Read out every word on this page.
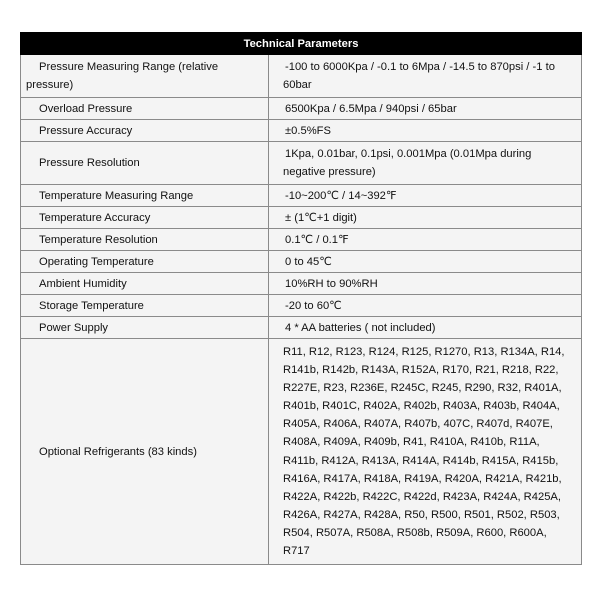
Technical Parameters	
Pressure Measuring Range (relative pressure)	-100 to 6000Kpa / -0.1 to 6Mpa / -14.5 to 870psi / -1 to 60bar
Overload Pressure	6500Kpa / 6.5Mpa / 940psi / 65bar
Pressure Accuracy	±0.5%FS
Pressure Resolution	1Kpa, 0.01bar, 0.1psi, 0.001Mpa (0.01Mpa during negative pressure)
Temperature Measuring Range	-10~200℃ / 14~392℉
Temperature Accuracy	± (1℃+1 digit)
Temperature Resolution	0.1℃ / 0.1℉
Operating Temperature	0 to 45℃
Ambient Humidity	10%RH to 90%RH
Storage Temperature	-20 to 60℃
Power Supply	4 * AA batteries ( not included)
Optional Refrigerants (83 kinds)	R11, R12, R123, R124, R125, R1270, R13, R134A, R14, R141b, R142b, R143A, R152A, R170, R21, R218, R22, R227E, R23, R236E, R245C, R245, R290, R32, R401A, R401b, R401C, R402A, R402b, R403A, R403b, R404A, R405A, R406A, R407A, R407b, 407C, R407d, R407E, R408A, R409A, R409b, R41, R410A, R410b, R11A, R411b, R412A, R413A, R414A, R414b, R415A, R415b, R416A, R417A, R418A, R419A, R420A, R421A, R421b, R422A, R422b, R422C, R422d, R423A, R424A, R425A, R426A, R427A, R428A, R50, R500, R501, R502, R503, R504, R507A, R508A, R508b, R509A, R600, R600A, R717
